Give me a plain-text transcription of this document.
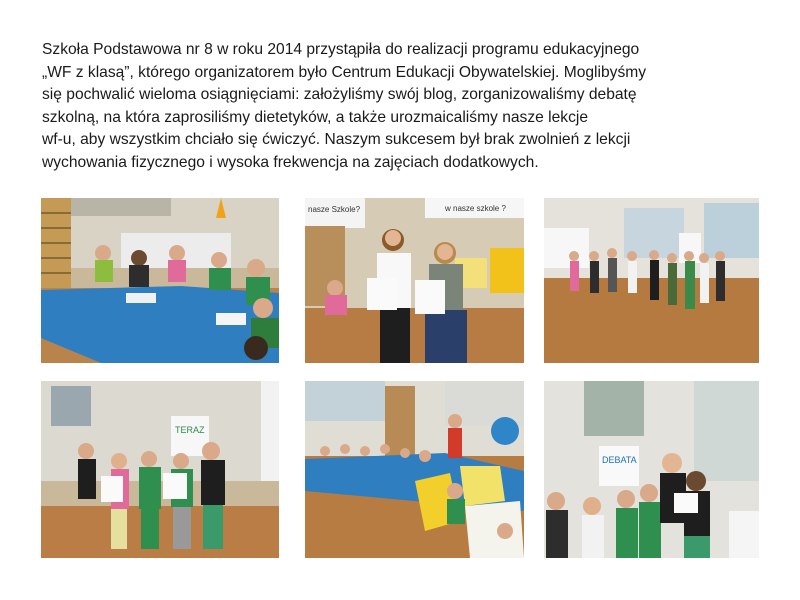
Szkoła Podstawowa nr 8 w roku 2014 przystąpiła do realizacji programu edukacyjnego
„WF z klasą”, którego organizatorem było Centrum Edukacji Obywatelskiej. Moglibyśmy
się pochwalić wieloma osiągnięciami: założyliśmy swój blog, zorganizowaliśmy debatę
szkolną, na która zaprosiliśmy dietetyków, a także urozmaicaliśmy nasze lekcje
wf-u, aby wszystkim chciało się ćwiczyć. Naszym sukcesem był brak zwolnień z lekcji
wychowania fizycznego i wysoka frekwencja na zajęciach dodatkowych.
nasze Szkole?	w nasze szkole ?
TERAZ
DEBATA
